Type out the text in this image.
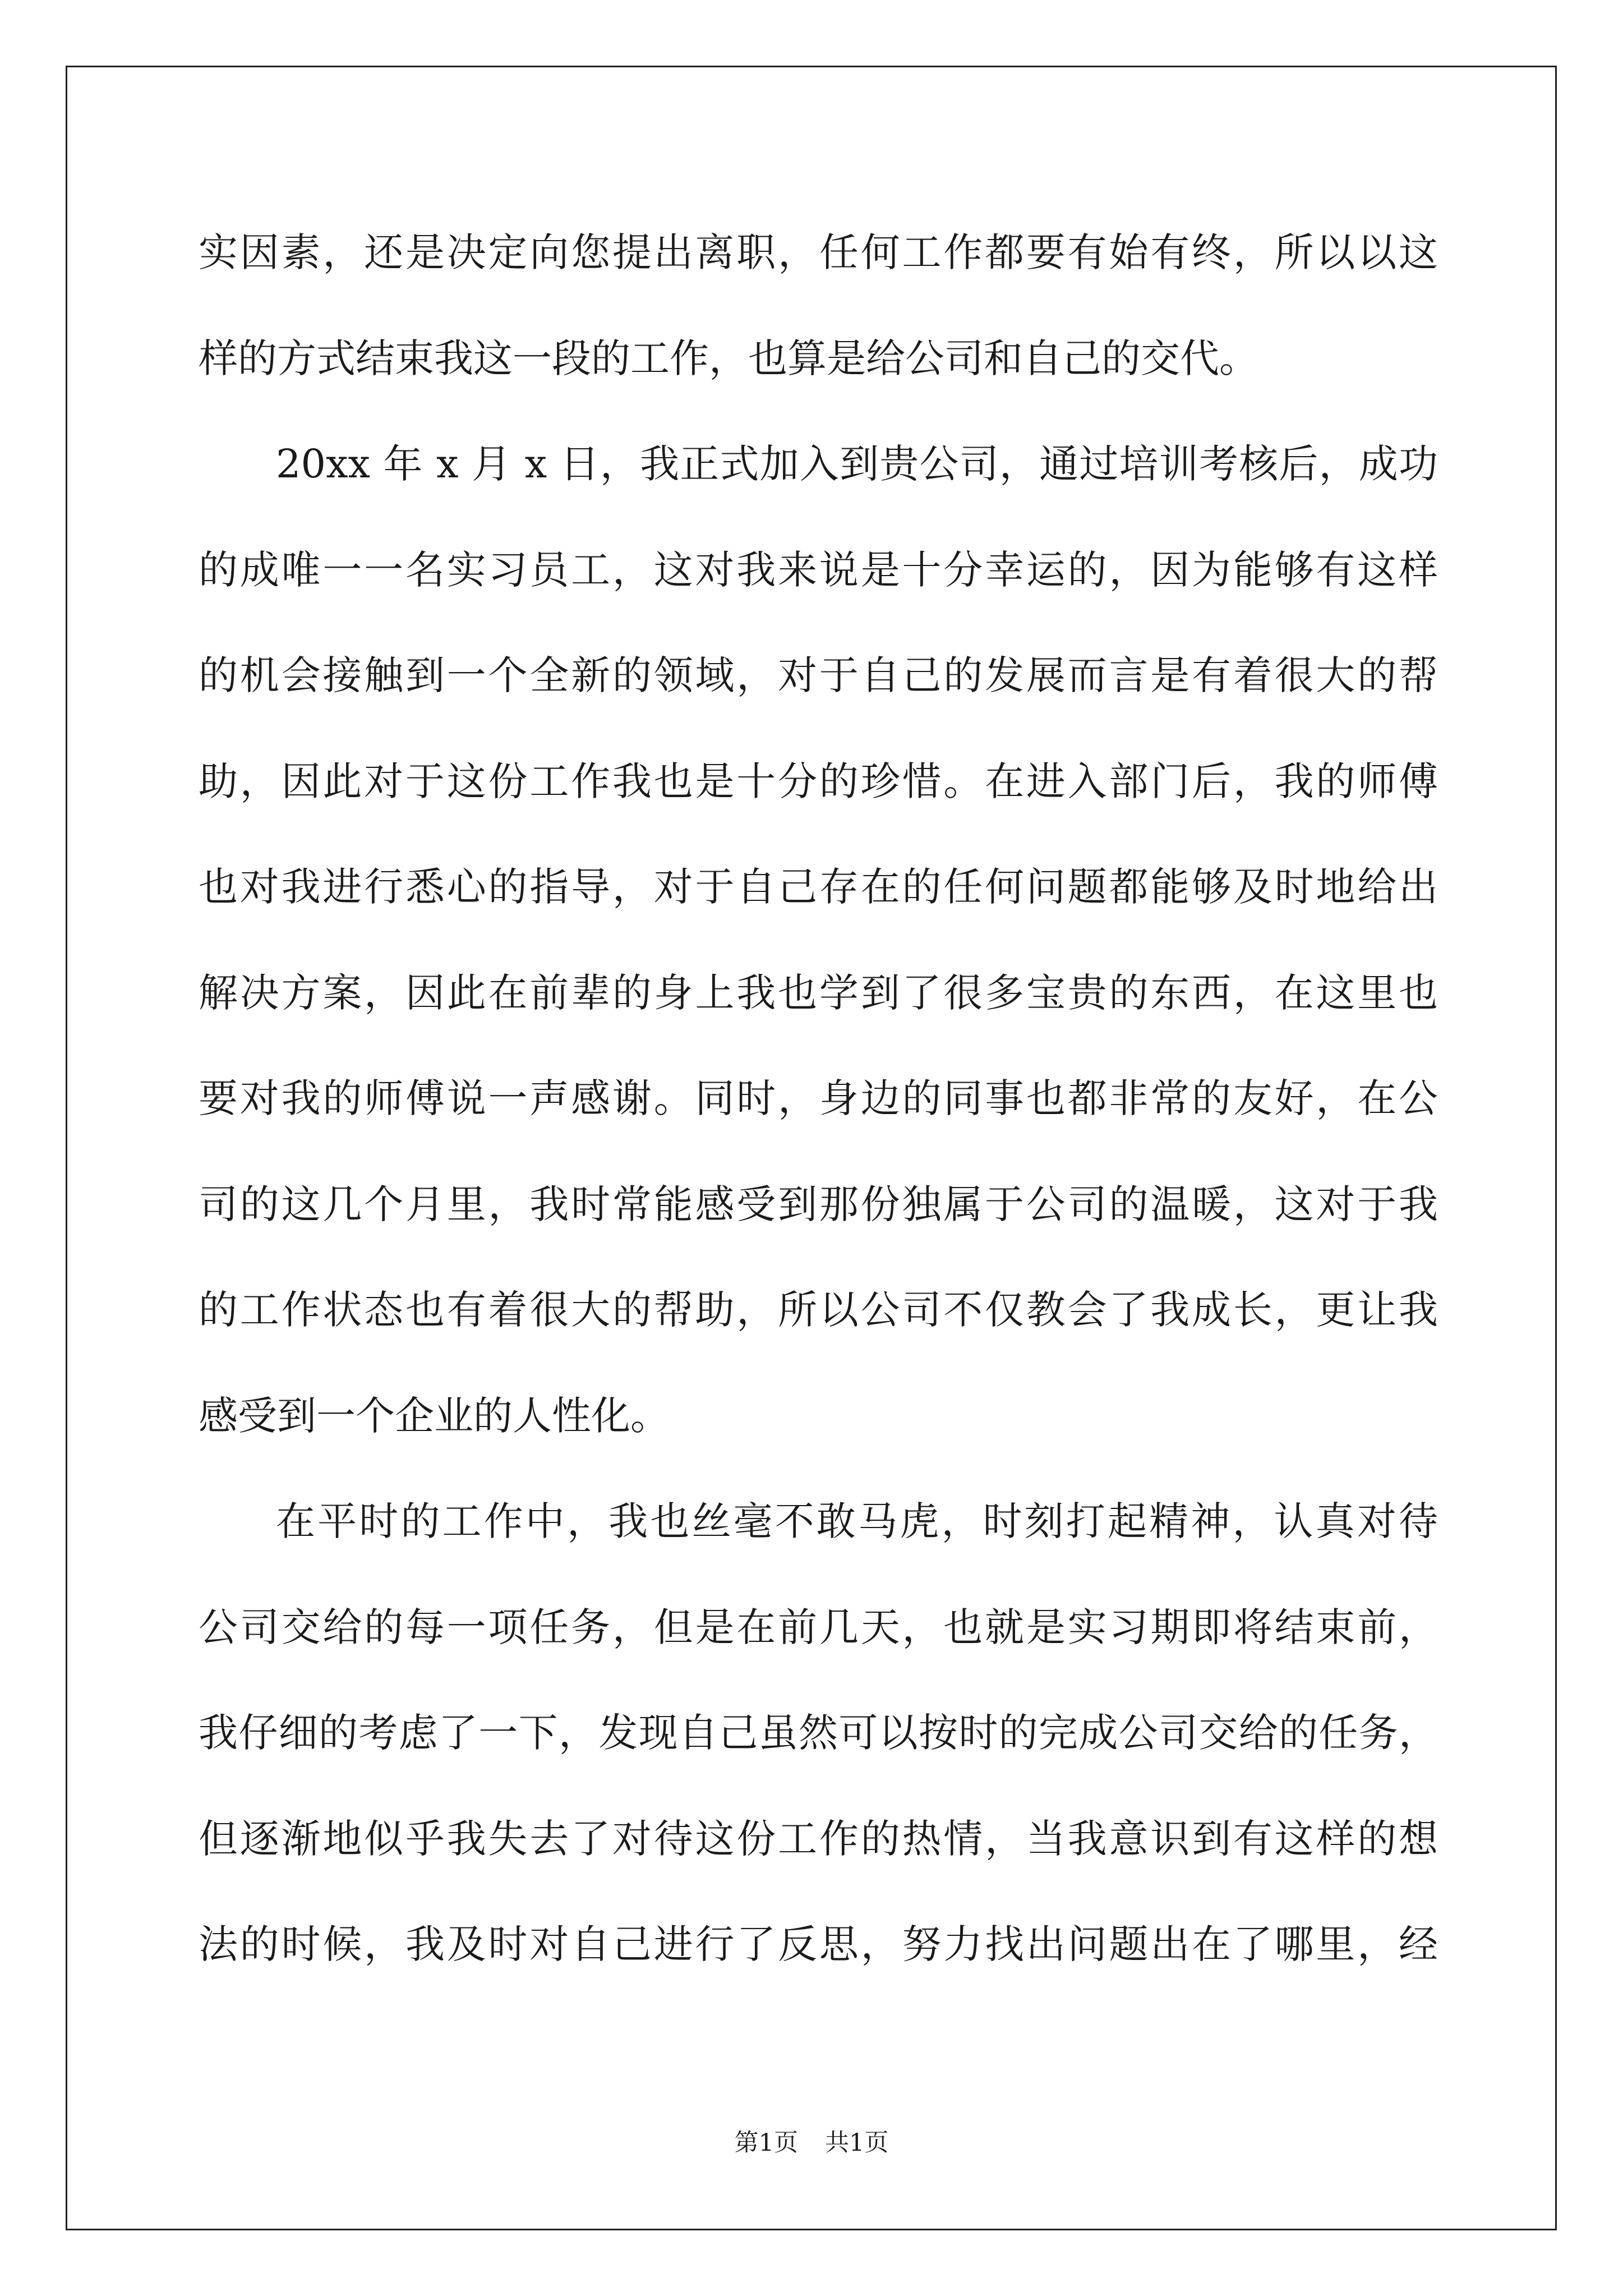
实因素，还是决定向您提出离职，任何工作都要有始有终，所以以这
样的方式结束我这一段的工作，也算是给公司和自己的交代。
20xx 年 x 月 x 日，我正式加入到贵公司，通过培训考核后，成功
的成唯一一名实习员工，这对我来说是十分幸运的，因为能够有这样
的机会接触到一个全新的领域，对于自己的发展而言是有着很大的帮
助，因此对于这份工作我也是十分的珍惜。在进入部门后，我的师傅
也对我进行悉心的指导，对于自己存在的任何问题都能够及时地给出
解决方案，因此在前辈的身上我也学到了很多宝贵的东西，在这里也
要对我的师傅说一声感谢。同时，身边的同事也都非常的友好，在公
司的这几个月里，我时常能感受到那份独属于公司的温暖，这对于我
的工作状态也有着很大的帮助，所以公司不仅教会了我成长，更让我
感受到一个企业的人性化。
在平时的工作中，我也丝毫不敢马虎，时刻打起精神，认真对待
公司交给的每一项任务，但是在前几天，也就是实习期即将结束前，
我仔细的考虑了一下，发现自己虽然可以按时的完成公司交给的任务，
但逐渐地似乎我失去了对待这份工作的热情，当我意识到有这样的想
法的时候，我及时对自己进行了反思，努力找出问题出在了哪里，经
第1页 共1页
